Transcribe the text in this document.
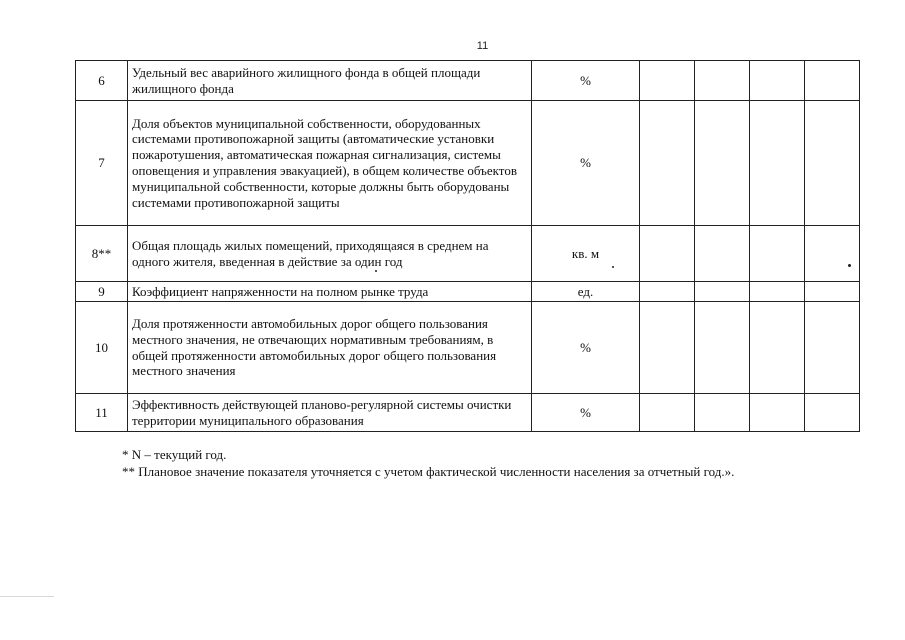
11
6	Удельный вес аварийного жилищного фонда в общей площади жилищного фонда	%				
7	Доля объектов муниципальной собственности, оборудованных системами противопожарной защиты (автоматические установки пожаротушения, автоматическая пожарная сигнализация, системы оповещения и управления эвакуацией), в общем количестве объектов муниципальной собственности, которые должны быть оборудованы системами противопожарной защиты	%				
8**	Общая площадь жилых помещений, приходящаяся в среднем на одного жителя, введенная в действие за один год	кв. м				
9	Коэффициент напряженности на полном рынке труда	ед.				
10	Доля протяженности автомобильных дорог общего пользования местного значения, не отвечающих нормативным требованиям, в общей протяженности автомобильных дорог общего пользования местного значения	%				
11	Эффективность действующей планово-регулярной системы очистки территории муниципального образования	%				
* N – текущий год.
** Плановое значение показателя уточняется с учетом фактической численности населения за отчетный год.».
